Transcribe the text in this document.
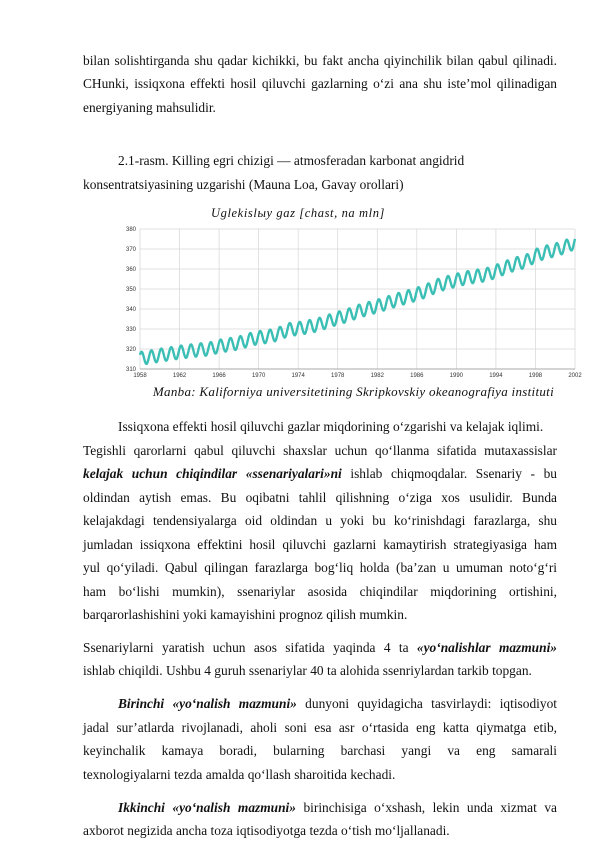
bilan solishtirganda shu qadar kichikki, bu fakt ancha qiyinchilik bilan qabul qilinadi.
CHunki, issiqxona effekti hosil qiluvchi gazlarning o‘zi ana shu iste’mol qilinadigan
energiyaning mahsulidir.
2.1-rasm. Killing egri chizigi — atmosferadan karbonat angidrid
konsentratsiyasining uzgarishi (Mauna Loa, Gavay orollari)
Uglekislыy gaz [chast, na mln]
310
320
330
340
350
360
370
380
1958	1962	1966	1970	1974	1978	1982	1986	1990	1994	1998	2002
Manba: Kaliforniya universitetining Skripkovskiy okeanografiya instituti
Issiqxona effekti hosil qiluvchi gazlar miqdorining o‘zgarishi va kelajak iqlimi.
Tegishli qarorlarni qabul qiluvchi shaxslar uchun qo‘llanma sifatida mutaxassislar
kelajak uchun chiqindilar «ssenariyalari»ni ishlab chiqmoqdalar. Ssenariy - bu
oldindan aytish emas. Bu oqibatni tahlil qilishning o‘ziga xos usulidir. Bunda
kelajakdagi tendensiyalarga oid oldindan u yoki bu ko‘rinishdagi farazlarga, shu
jumladan issiqxona effektini hosil qiluvchi gazlarni kamaytirish strategiyasiga ham
yul qo‘yiladi. Qabul qilingan farazlarga bog‘liq holda (ba’zan u umuman noto‘g‘ri
ham bo‘lishi mumkin), ssenariylar asosida chiqindilar miqdorining ortishini,
barqarorlashishini yoki kamayishini prognoz qilish mumkin.
Ssenariylarni yaratish uchun asos sifatida yaqinda 4 ta «yo‘nalishlar mazmuni»
ishlab chiqildi. Ushbu 4 guruh ssenariylar 40 ta alohida ssenriylardan tarkib topgan.
Birinchi «yo‘nalish mazmuni» dunyoni quyidagicha tasvirlaydi: iqtisodiyot
jadal sur’atlarda rivojlanadi, aholi soni esa asr o‘rtasida eng katta qiymatga etib,
keyinchalik kamaya boradi, bularning barchasi yangi va eng samarali
texnologiyalarni tezda amalda qo‘llash sharoitida kechadi.
Ikkinchi «yo‘nalish mazmuni» birinchisiga o‘xshash, lekin unda xizmat va
axborot negizida ancha toza iqtisodiyotga tezda o‘tish mo‘ljallanadi.
